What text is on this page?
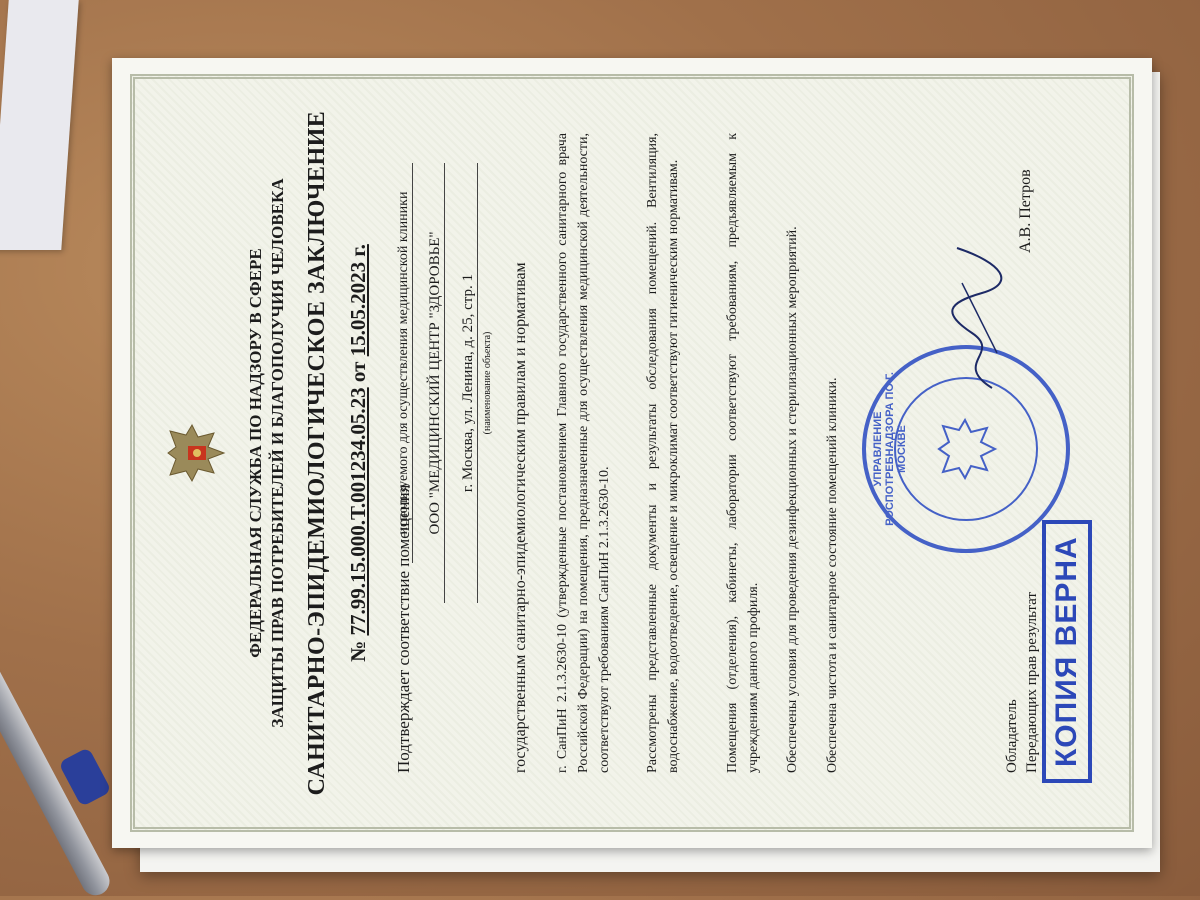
ФЕДЕРАЛЬНАЯ СЛУЖБА ПО НАДЗОРУ В СФЕРЕ ЗАЩИТЫ ПРАВ ПОТРЕБИТЕЛЕЙ И БЛАГОПОЛУЧИЯ ЧЕЛОВЕКА САНИТАРНО-ЭПИДЕМИОЛОГИЧЕСКОЕ ЗАКЛЮЧЕНИЕ № 77.99.15.000.Т.001234.05.23 от 15.05.2023 г.
Подтверждает соответствие помещения
используемого для осуществления медицинской клиники ООО "МЕДИЦИНСКИЙ ЦЕНТР "ЗДОРОВЬЕ" г. Москва, ул. Ленина, д. 25, стр. 1 (наименование объекта) государственным санитарно-эпидемиологическим правилам и нормативам г. СанПиН 2.1.3.2630-10 (утвержденные постановлением Главного государственного санитарного врача Российской Федерации) на помещения, предназначенные для осуществления медицинской деятельности, соответствуют требованиям СанПиН 2.1.3.2630-10. Рассмотрены представленные документы и результаты обследования помещений. Вентиляция, водоснабжение, водоотведение, освещение и микроклимат соответствуют гигиеническим нормативам.	Помещения (отделения), кабинеты, лаборатории соответствуют требованиям, предъявляемым к учреждениям данного профиля. Обеспечены условия для проведения дезинфекционных и стерилизационных мероприятий. Обеспечена чистота и санитарное состояние помещений клиники.	Обладатель Передающих прав результат
УПРАВЛЕНИЕ РОСПОТРЕБНАДЗОРА ПО Г. МОСКВЕ
А.В. Петров
КОПИЯ ВЕРНА
